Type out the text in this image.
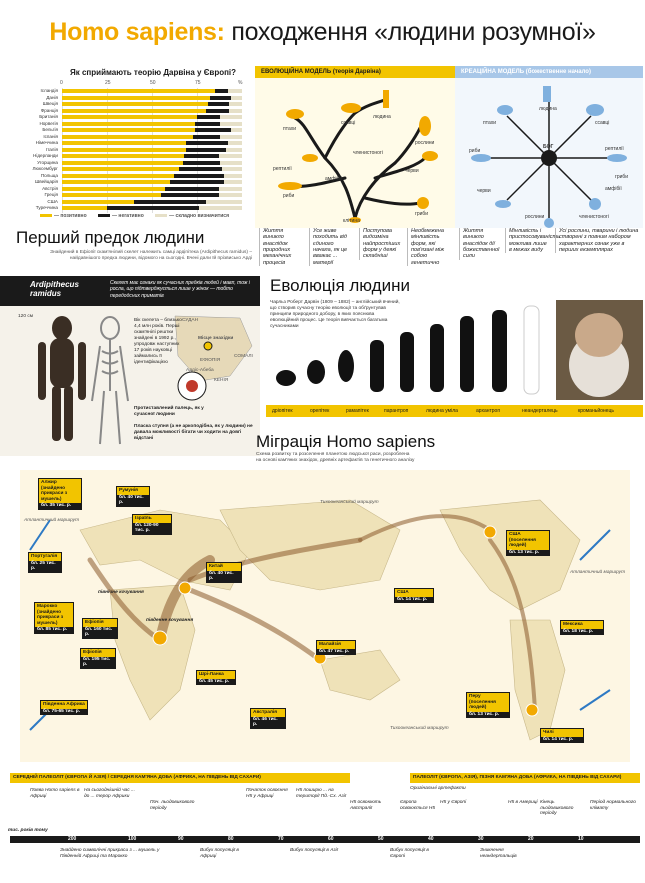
Homo sapiens: походження «людини розумної»
Як сприймають теорію Дарвіна у Європі?
0	25	50	75	%
Ісландія
Данія
Швеція
Франція
Британія
Норвегія
Бельгія
Іспанія
Німеччина
Італія
Нідерланди
Угорщина
Люксембург
Польща
Швейцарія
Австрія
Греція
США
Туреччина
— позитивно	— негативно	— складно визначитися
ЕВОЛЮЦІЙНА МОДЕЛЬ (теорія Дарвіна)	КРЕАЦІЙНА МОДЕЛЬ (божественне начало)
птахи
ссавці
людина
рептилії
членистоногі
рослини
амфібії
черви
риби
гриби
клітина
птахи
людина
ссавці
риби
БОГ	рептилії
черви	амфібії
рослини	членистоногі
гриби
Життя виникло внаслідок природних механічних процесів
Усе живе походить від єдиного начала, як це вважає ... матерії
Поступова видозміна найпростіших форм у деякі складніші
Необмежена мінливість форм, які пов'язані між собою генетично
Життя виникло внаслідок дії божественної сили
Мінливість і пристосовуваність можлива лише в межах виду
Усі рослини, тварини і людина створені з повним набором характерних ознак уже в першиx екземплярах
Перший предок людини
Знайдений в Ефіопії скам'янілий скелет належить самці ардіпітека (Ardipithecus ramidus) – найдавнішого предка людини, відомого на сьогодні. Вчені дали їй прізвисько Арді
Ardipithecus ramidus
Скелет має ознаки як сучасних предків людей і мавп, тож і росла, що підтверджується лише у жінок — тобто передодсних приматів
120 см
Вік скелета – близько 4,4 млн років. Перші скам'янілі рештки знайдені в 1992 р., упродовж наступних 17 років науковці займались її ідентифікацією
Протиставлений палець, як у сучасної людини
Пласка ступня (а не аркоподібна, як у людини) не давала можливості бігати чи ходити на довгі відстані
СУДАН
Місце знахідки
ЕФІОПІЯ
Аддіс-Абеба
КЕНІЯ
СОМАЛІ
Еволюція людини
Чарльз Роберт Дарвін (1809 – 1882) – англійський вчений, що створив сучасну теорію еволюції та обґрунтував принципи природного добору, в яких пояснюва еволюційний процес. Це теорія вивчається багатьма сучасниками
дріопітек	орепітек	рамапітек	парантроп	людина уміла	архантроп	неандерталець	кроманьйонець
Міграція Homo sapiens
Схема розвитку та розселення планетою людської раси, розроблена на основі кам'яних знахідок, древніх артефактів та генетичного аналізу
Алжир (знайдено прикраси з мушель)
бл. 35 тис. р.
Румунія
бл. 40 тис. р.
Ізраїль
бл. 120-90 тис. р.
Португалія
бл. 25 тис. р.
Марокко (знайдено прикраси з мушель)
бл. 85 тис. р.
Ефіопія
бл. 160 тис. р.
Ефіопія
бл. 195 тис. р.
Китай
бл. 40 тис. р.
Малайзія
бл. 47 тис. р.
Шрі-Ланка
бл. 45 тис. р.
Південна Африка
бл. 75-65 тис. р.	Австралія
бл. 46 тис. р.
США (поселення людей)
бл. 13 тис. р.
США
бл. 14 тис. р.
Мексика
бл. 18 тис. р.
Перу (поселення людей)
бл. 13 тис. р.
Чилі
бл. 14 тис. р.
Атлантичний маршрут
Тихоокеанський маршрут
Атлантичний маршрут
Тихоокеанський маршрут
північне кочування
південне кочування
СЕРЕДНІЙ ПАЛЕОЛІТ (ЄВРОПА Й АЗІЯ) / СЕРЕДНЯ КАМ'ЯНА ДОБА (АФРИКА, НА ПІВДЕНЬ ВІД САХАРИ)	ПАЛЕОЛІТ (ЄВРОПА, АЗІЯ), ПІЗНЯ КАМ'ЯНА ДОБА (АФРИКА, НА ПІВДЕНЬ ВІД САХАРИ)
Поява Homo sapiens в Африці
На сьогоднішній час ... до ... терор Африки
Поч. льодовикового періоду
Початок освоєння Н5 у Африці
Н5 поширю ... на території Пд.-Сх. Азії
Н5 освоюють Австралії
Європа освоюється Н5
Н5 у Європі
Оригінальні артефакти
Н5 в Америці Кінець льодовикового періоду
Період нормального клімату
Знайдено символічні прикраси з ... мушель у Південній Африці та Марокко
Вибух популяції в Африці
Вибух популяції в Азії	Вибух популяції в Європі
Зникнення неандертальців
тис. років тому
200	100	90	80	70	60	50	40	30	20	10
